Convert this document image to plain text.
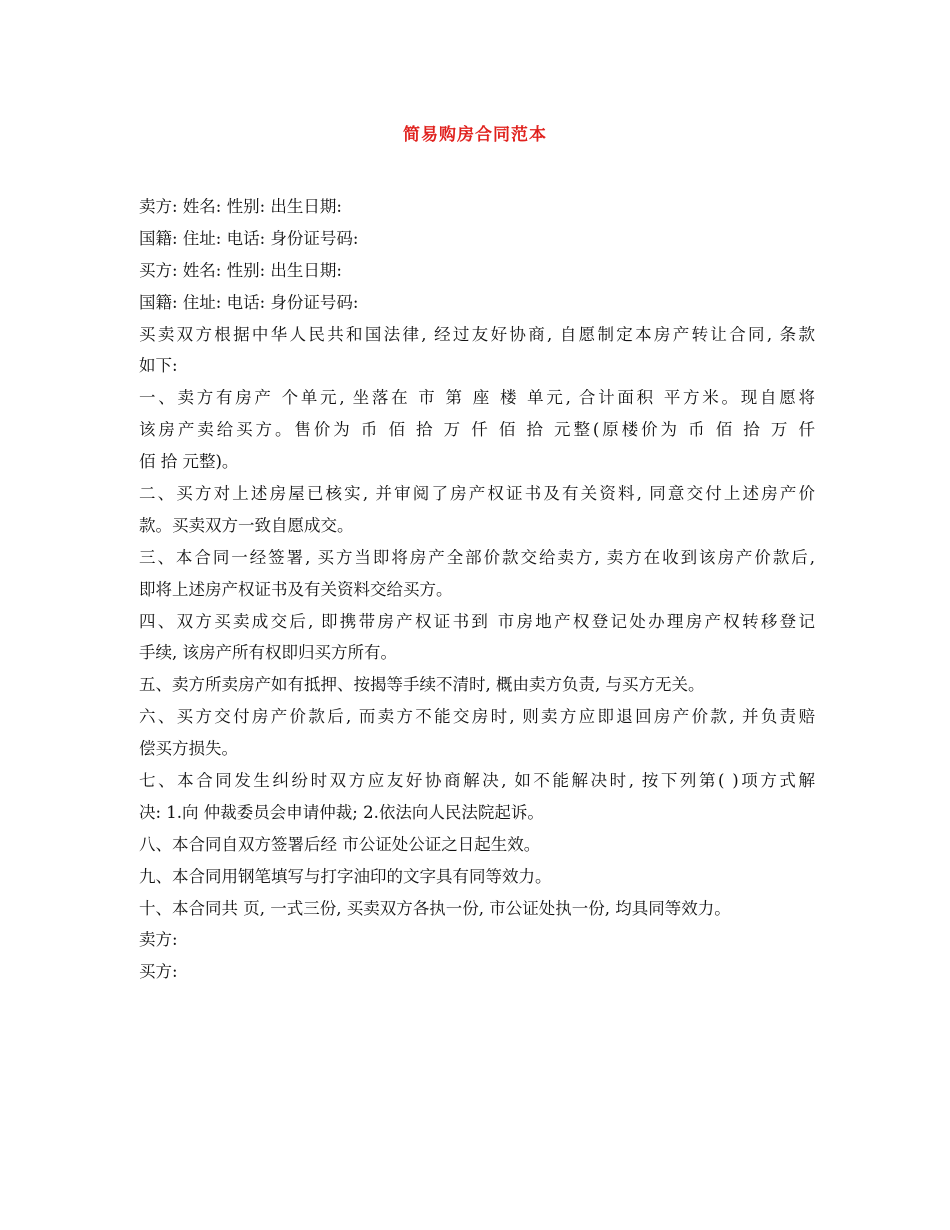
简易购房合同范本
卖方: 姓名: 性别: 出生日期:
国籍: 住址: 电话: 身份证号码:
买方: 姓名: 性别: 出生日期:
国籍: 住址: 电话: 身份证号码:
买卖双方根据中华人民共和国法律, 经过友好协商, 自愿制定本房产转让合同, 条款
如下:
一、卖方有房产 个单元, 坐落在 市 第 座 楼 单元, 合计面积 平方米。现自愿将
该房产卖给买方。售价为 币 佰 拾 万 仟 佰 拾 元整(原楼价为 币 佰 拾 万 仟
佰 拾 元整)。
二、买方对上述房屋已核实, 并审阅了房产权证书及有关资料, 同意交付上述房产价
款。买卖双方一致自愿成交。
三、本合同一经签署, 买方当即将房产全部价款交给卖方, 卖方在收到该房产价款后,
即将上述房产权证书及有关资料交给买方。
四、双方买卖成交后, 即携带房产权证书到 市房地产权登记处办理房产权转移登记
手续, 该房产所有权即归买方所有。
五、卖方所卖房产如有抵押、按揭等手续不清时, 概由卖方负责, 与买方无关。
六、买方交付房产价款后, 而卖方不能交房时, 则卖方应即退回房产价款, 并负责赔
偿买方损失。
七、本合同发生纠纷时双方应友好协商解决, 如不能解决时, 按下列第( )项方式解
决: 1.向 仲裁委员会申请仲裁; 2.依法向人民法院起诉。
八、本合同自双方签署后经 市公证处公证之日起生效。
九、本合同用钢笔填写与打字油印的文字具有同等效力。
十、本合同共 页, 一式三份, 买卖双方各执一份, 市公证处执一份, 均具同等效力。
卖方:
买方:
